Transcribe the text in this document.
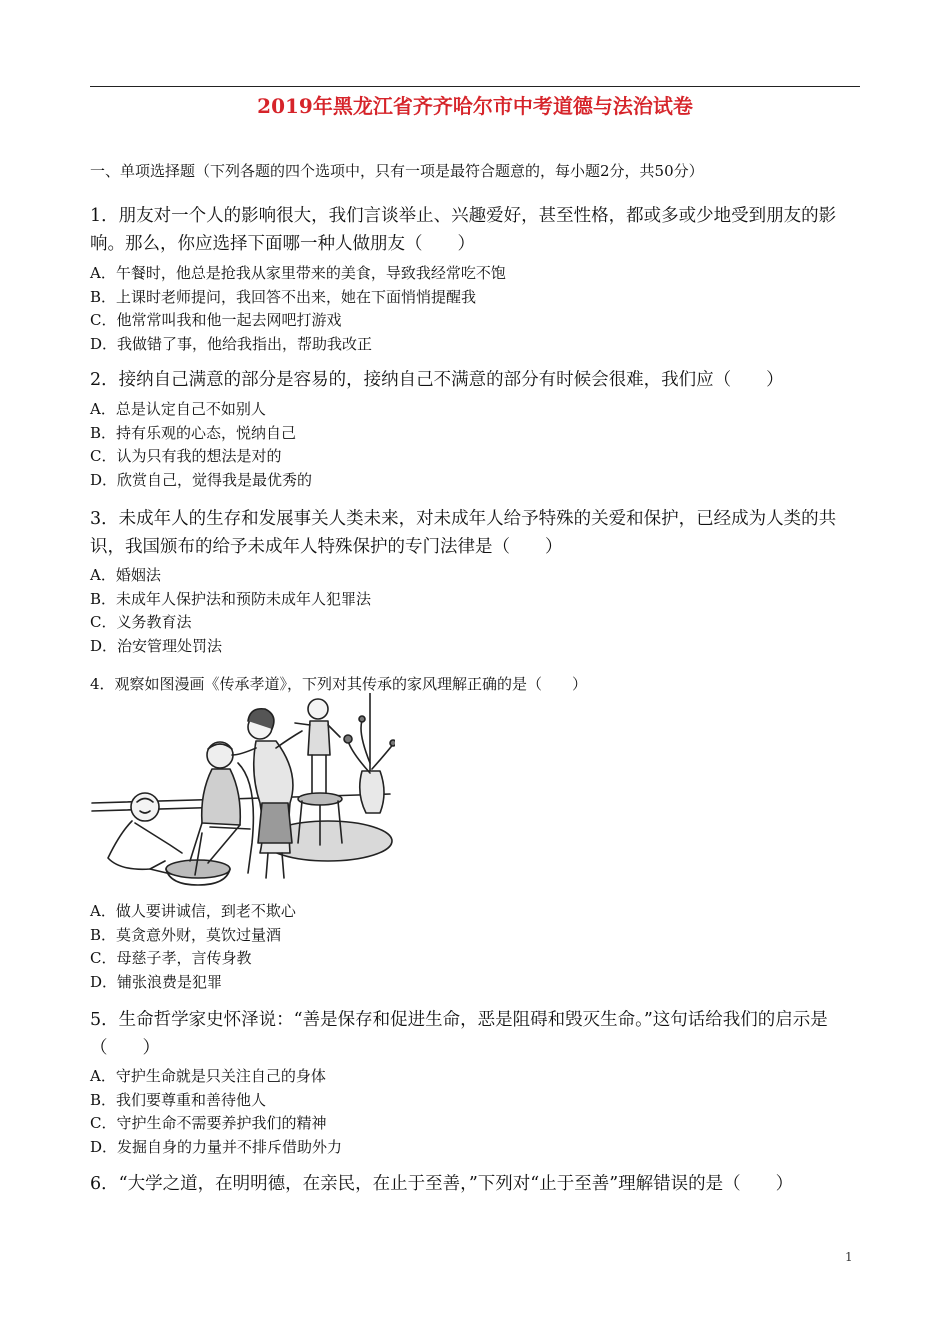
2019年黑龙江省齐齐哈尔市中考道德与法治试卷
一、单项选择题（下列各题的四个选项中，只有一项是最符合题意的，每小题2分，共50分）
1．朋友对一个人的影响很大，我们言谈举止、兴趣爱好，甚至性格，都或多或少地受到朋友的影响。那么，你应选择下面哪一种人做朋友（　　）
A．午餐时，他总是抢我从家里带来的美食，导致我经常吃不饱
B．上课时老师提问，我回答不出来，她在下面悄悄提醒我
C．他常常叫我和他一起去网吧打游戏
D．我做错了事，他给我指出，帮助我改正
2．接纳自己满意的部分是容易的，接纳自己不满意的部分有时候会很难，我们应（　　）
A．总是认定自己不如别人
B．持有乐观的心态，悦纳自己
C．认为只有我的想法是对的
D．欣赏自己，觉得我是最优秀的
3．未成年人的生存和发展事关人类未来，对未成年人给予特殊的关爱和保护，已经成为人类的共识，我国颁布的给予未成年人特殊保护的专门法律是（　　）
A．婚姻法
B．未成年人保护法和预防未成年人犯罪法
C．义务教育法
D．治安管理处罚法
4．观察如图漫画《传承孝道》，下列对其传承的家风理解正确的是（　　）
A．做人要讲诚信，到老不欺心
B．莫贪意外财，莫饮过量酒
C．母慈子孝，言传身教
D．铺张浪费是犯罪
5．生命哲学家史怀泽说：“善是保存和促进生命，恶是阻碍和毁灭生命。”这句话给我们的启示是（　　）
A．守护生命就是只关注自己的身体
B．我们要尊重和善待他人
C．守护生命不需要养护我们的精神
D．发掘自身的力量并不排斥借助外力
6．“大学之道，在明明德，在亲民，在止于至善，”下列对“止于至善”理解错误的是（　　）
1
